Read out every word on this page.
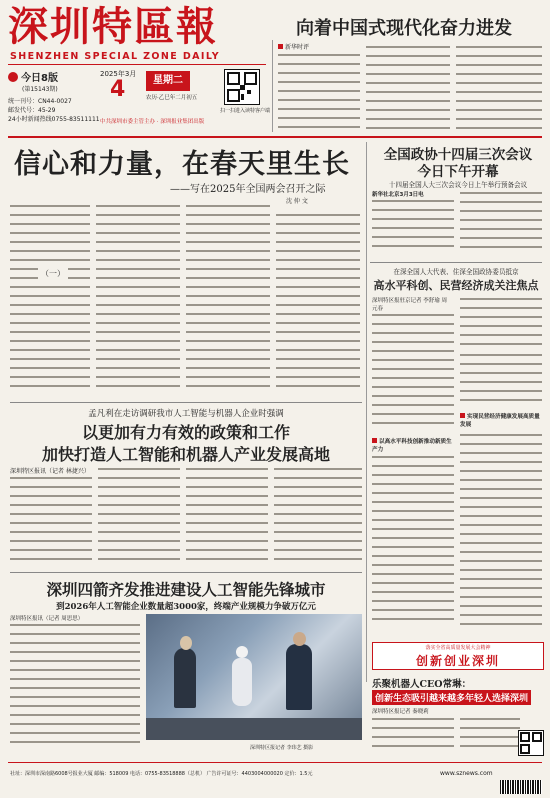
深圳特區報
SHENZHEN SPECIAL ZONE DAILY
今日8版
(第15143期)
统一刊号：CN44-0027
邮发代号：45-29
24小时新闻热线0755-83511111
2025年3月
4	星期二
农历·乙巳年二月初五
中共深圳市委主管主办 · 深圳报业集团出版
扫一扫进入读特客户端
向着中国式现代化奋力进发
新华时评
信心和力量，在春天里生长
——写在2025年全国两会召开之际
沈 仲 文
（一）
全国政协十四届三次会议
今日下午开幕
十四届全国人大三次会议今日上午举行预备会议
新华社北京3月3日电
在深全国人大代表、住深全国政协委员抵京
高水平科创、民营经济成关注焦点
深圳特区报驻京记者 李舒瑜 周元春
以高水平科技创新推动新质生产力
实现民营经济健康发展高质量发展
孟凡利在走访调研我市人工智能与机器人企业时强调
以更加有力有效的政策和工作
加快打造人工智能和机器人产业发展高地
深圳特区报讯（记者 林捷兴）
深圳四箭齐发推进建设人工智能先锋城市
到2026年人工智能企业数量超3000家，终端产业规模力争破万亿元
深圳特区报讯（记者 周思思）
深圳特区报记者 李玮艺 摄影
落实全省高质量发展大会精神
创新创业深圳
乐聚机器人CEO常琳：
创新生态吸引越来越多年轻人选择深圳
深圳特区报记者 秦晓莉
社址：深圳市深南路6008号报业大厦 邮编：518009 电话：0755-83518888（总机） 广告许可证号：4403004000020 定价：1.5元	www.sznews.com
